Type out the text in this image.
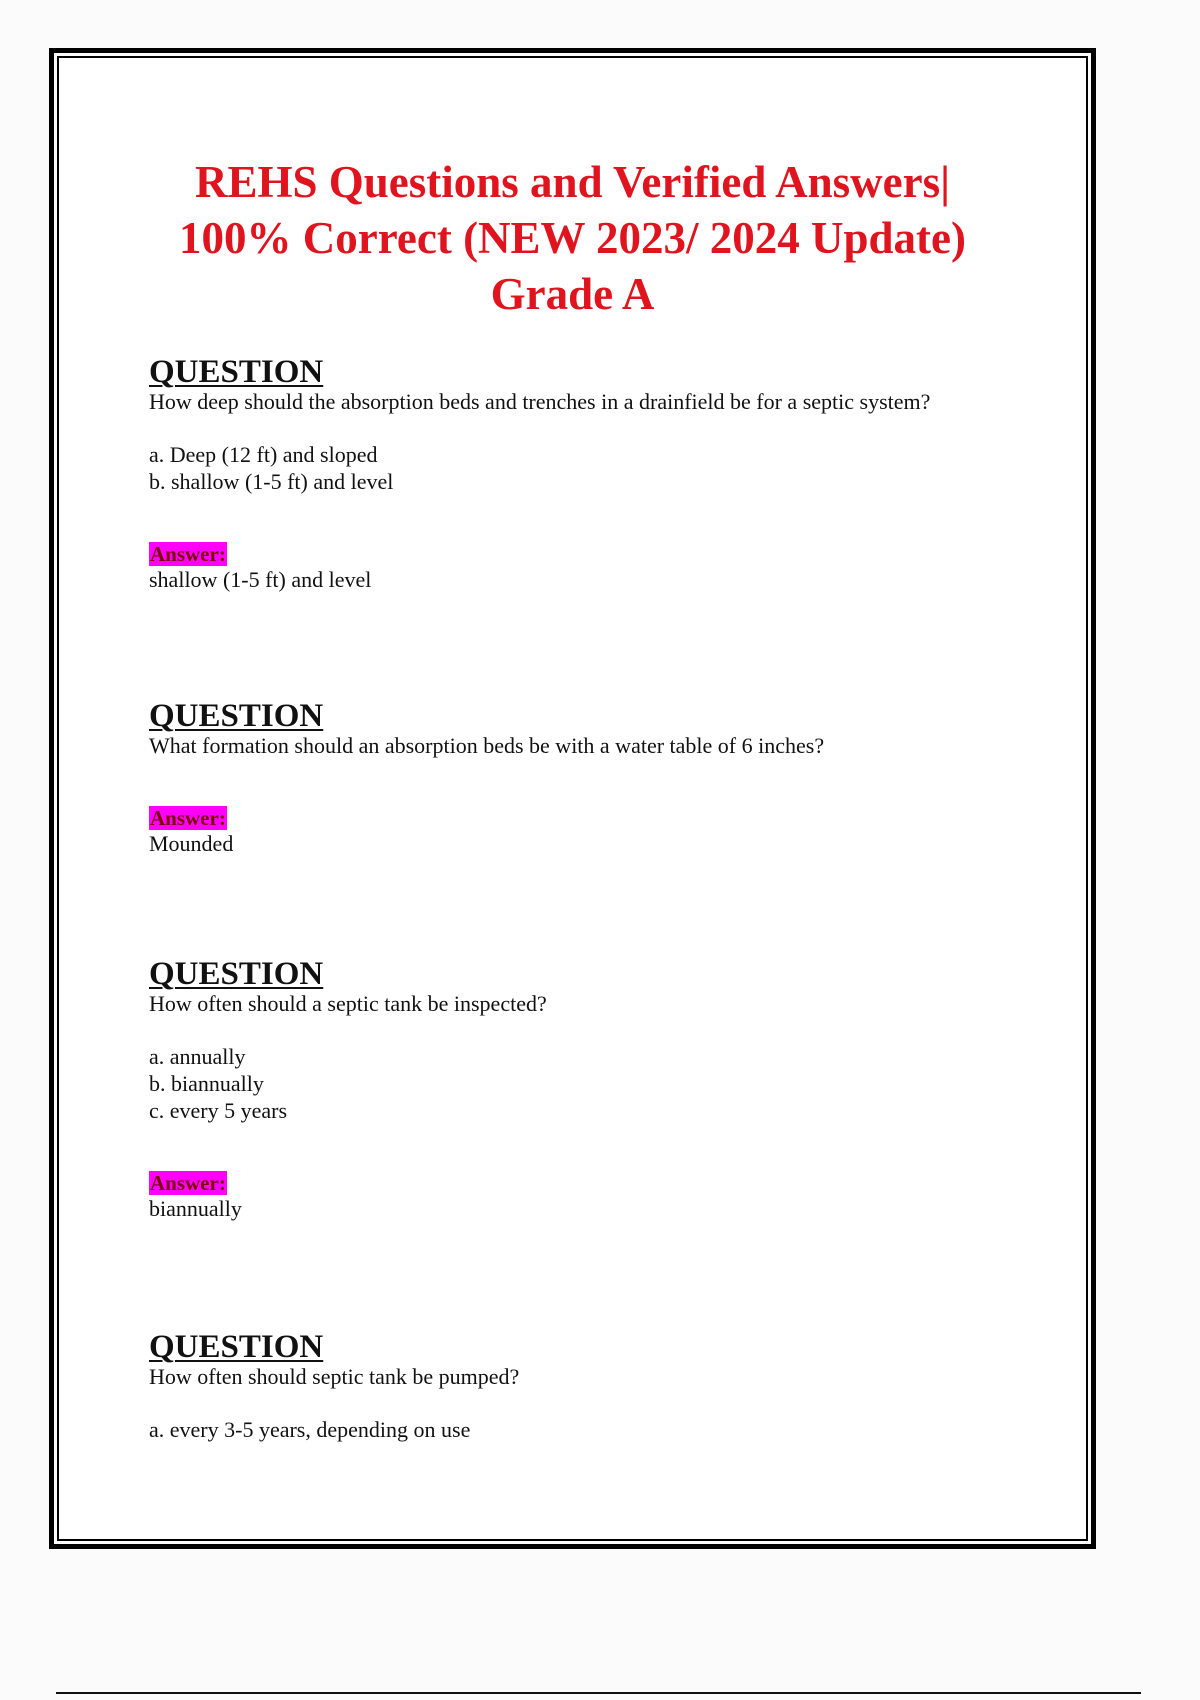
REHS Questions and Verified Answers|
100% Correct (NEW 2023/ 2024 Update)
Grade A
QUESTION

How deep should the absorption beds and trenches in a drainfield be for a septic system?

a. Deep (12 ft) and sloped
b. shallow (1-5 ft) and level
Answer:

shallow (1-5 ft) and level

QUESTION

What formation should an absorption beds be with a water table of 6 inches?

Answer:

Mounded

QUESTION

How often should a septic tank be inspected?

a. annually
b. biannually
c. every 5 years
Answer:

biannually

QUESTION

How often should septic tank be pumped?

a. every 3-5 years, depending on use
